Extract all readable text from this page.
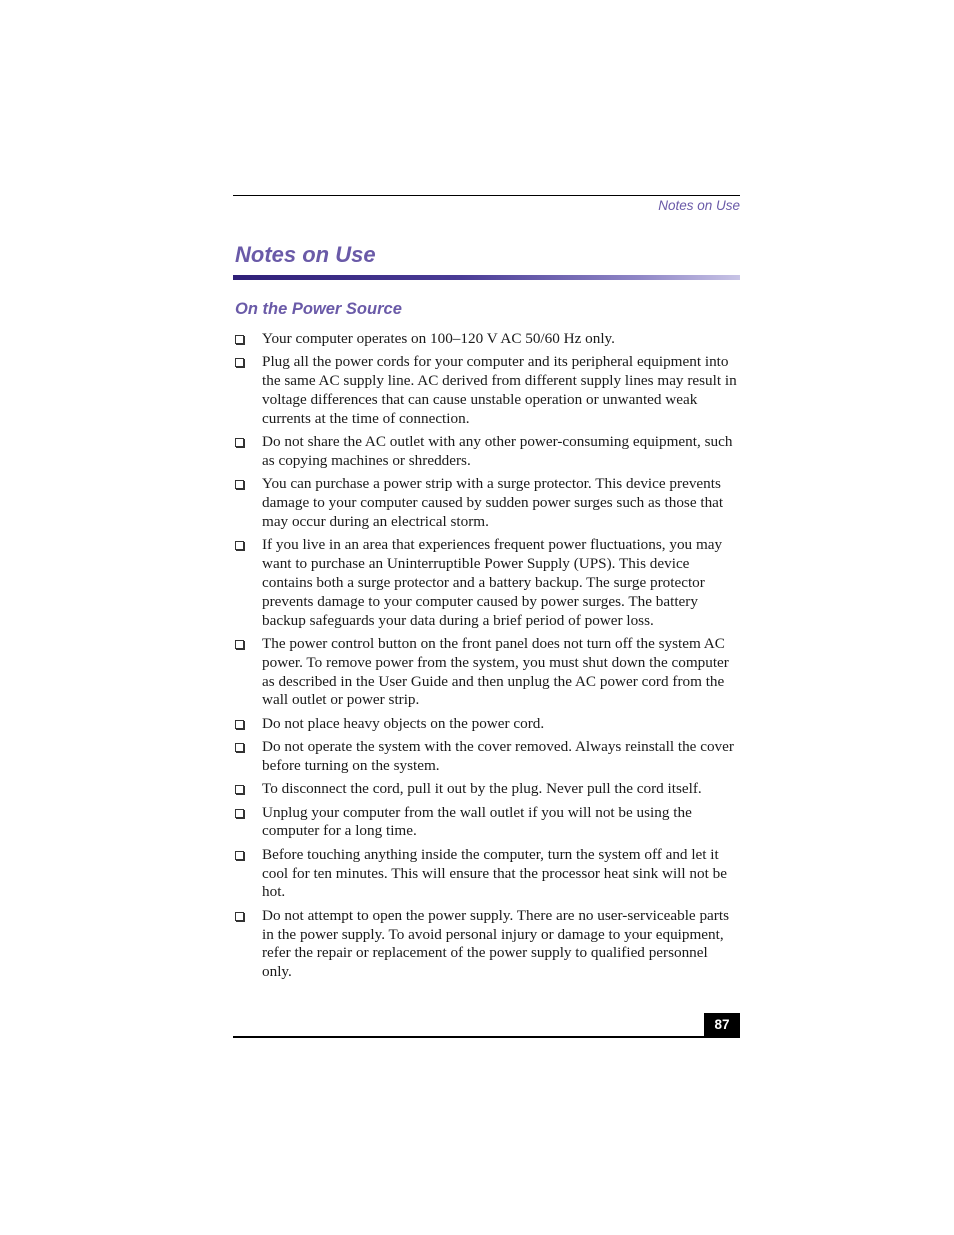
Notes on Use
Notes on Use
On the Power Source
Your computer operates on 100–120 V AC 50/60 Hz only.
Plug all the power cords for your computer and its peripheral equipment into the same AC supply line. AC derived from different supply lines may result in voltage differences that can cause unstable operation or unwanted weak currents at the time of connection.
Do not share the AC outlet with any other power-consuming equipment, such as copying machines or shredders.
You can purchase a power strip with a surge protector. This device prevents damage to your computer caused by sudden power surges such as those that may occur during an electrical storm.
If you live in an area that experiences frequent power fluctuations, you may want to purchase an Uninterruptible Power Supply (UPS). This device contains both a surge protector and a battery backup. The surge protector prevents damage to your computer caused by power surges. The battery backup safeguards your data during a brief period of power loss.
The power control button on the front panel does not turn off the system AC power. To remove power from the system, you must shut down the computer as described in the User Guide and then unplug the AC power cord from the wall outlet or power strip.
Do not place heavy objects on the power cord.
Do not operate the system with the cover removed. Always reinstall the cover before turning on the system.
To disconnect the cord, pull it out by the plug. Never pull the cord itself.
Unplug your computer from the wall outlet if you will not be using the computer for a long time.
Before touching anything inside the computer, turn the system off and let it cool for ten minutes. This will ensure that the processor heat sink will not be hot.
Do not attempt to open the power supply. There are no user-serviceable parts in the power supply. To avoid personal injury or damage to your equipment, refer the repair or replacement of the power supply to qualified personnel only.
87
